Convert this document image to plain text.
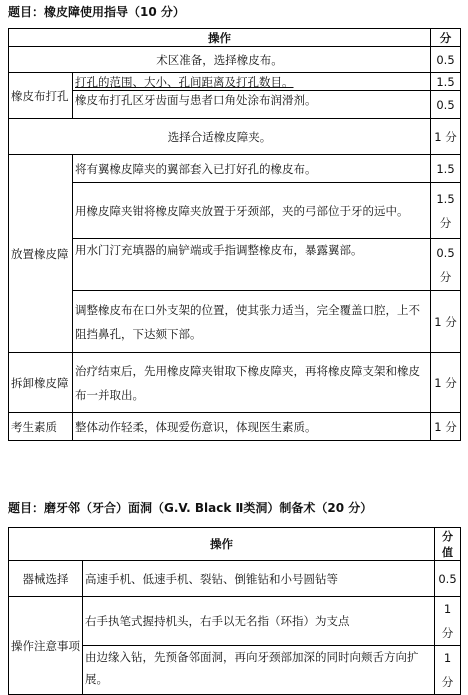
题目：橡皮障使用指导（10 分）
操作		分
术区准备，选择橡皮布。		0.5
橡皮布打孔	打孔的范围、大小、孔间距离及打孔数目。	1.5
	橡皮布打孔区牙齿面与患者口角处涂布润滑剂。	0.5
选择合适橡皮障夹。		1 分
放置橡皮障	将有翼橡皮障夹的翼部套入已打好孔的橡皮布。	1.5
	用橡皮障夹钳将橡皮障夹放置于牙颈部，夹的弓部位于牙的远中。	1.5 分
	用水门汀充填器的扁铲端或手指调整橡皮布，暴露翼部。	0.5 分
	调整橡皮布在口外支架的位置，使其张力适当，完全覆盖口腔，上不阻挡鼻孔，下达颏下部。	1 分
拆卸橡皮障	治疗结束后，先用橡皮障夹钳取下橡皮障夹，再将橡皮障支架和橡皮布一并取出。	1 分
考生素质	整体动作轻柔，体现爱伤意识，体现医生素质。	1 分
题目：磨牙邻（牙合）面洞（G.V. Black Ⅱ类洞）制备术（20 分）
操作		分值
器械选择	高速手机、低速手机、裂钻、倒锥钻和小号圆钻等	0.5
操作注意事项	右手执笔式握持机头，右手以无名指（环指）为支点	1 分
	由边缘入钻，先预备邻面洞，再向牙颈部加深的同时向颊舌方向扩展。	1 分
